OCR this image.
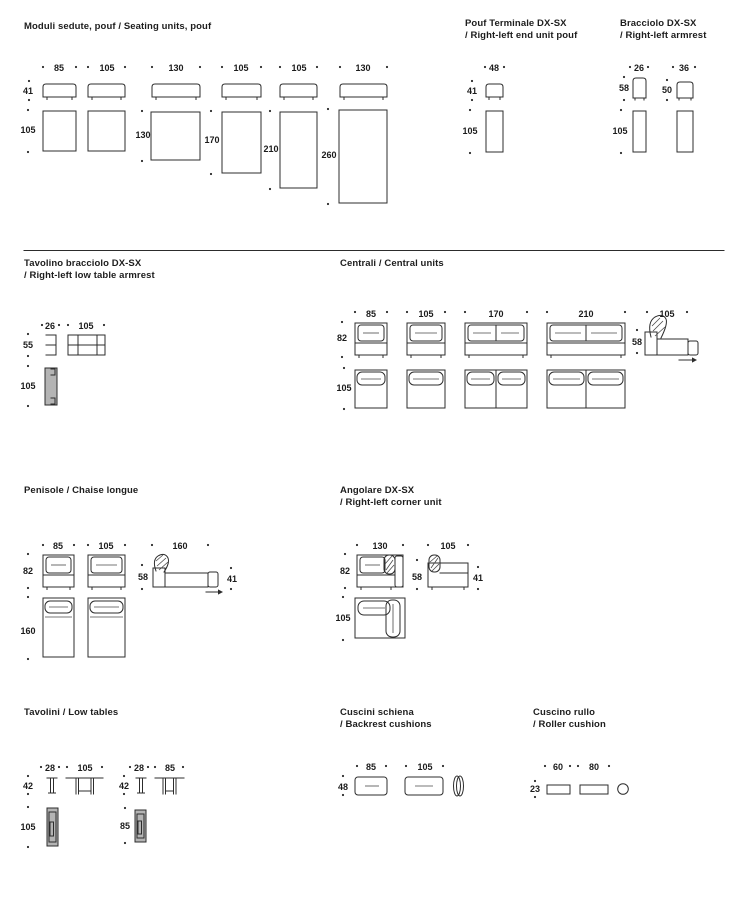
Moduli sedute, pouf / Seating units, pouf	Pouf Terminale DX-SX
/ Right-left end unit pouf
Bracciolo DX-SX
/ Right-left armrest
Tavolino bracciolo DX-SX
/ Right-left low table armrest
Centrali / Central units
Penisole / Chaise longue	Angolare DX-SX
/ Right-left corner unit
Tavolini / Low tables	Cuscini schiena
/ Backrest cushions
Cuscino rullo
/ Roller cushion
85	105	130	105	105	130
41
105	130	170
210
260
48
41
105
26	36
58	50
105
26	105
55
105
85	105	170	210	105
82	58
105
85	105	160
82
58	41
160
130	105
82
58	41
105
28 105
42
105
28 85
42
85
85	105
48
60	80
23
